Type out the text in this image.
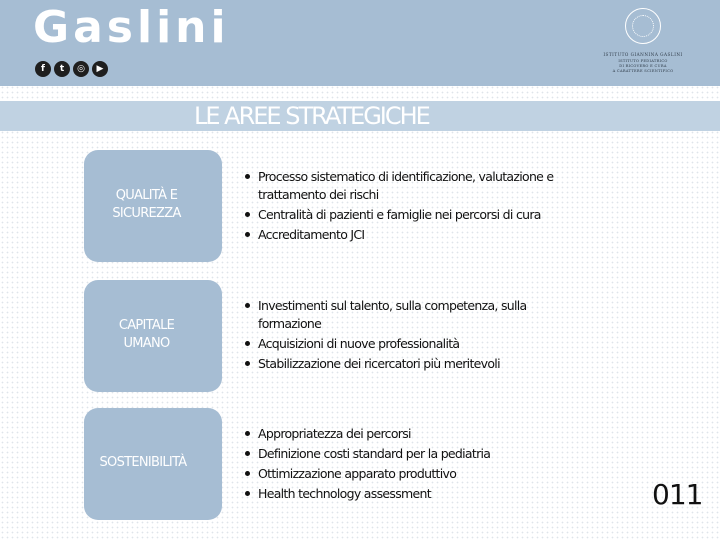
Gaslini
f	t	◎	▶
ISTITUTO GIANNINA GASLINI
ISTITUTO PEDIATRICO
DI RICOVERO E CURA
A CARATTERE SCIENTIFICO
LE AREE STRATEGICHE
QUALITÀ E
SICUREZZA
Processo sistematico di identificazione, valutazione e trattamento dei rischi
Centralità di pazienti e famiglie nei percorsi di cura
Accreditamento JCI
CAPITALE
UMANO
Investimenti sul talento, sulla competenza, sulla formazione
Acquisizioni di nuove professionalità
Stabilizzazione dei ricercatori più meritevoli
SOSTENIBILITÀ
Appropriatezza dei percorsi
Definizione costi standard per la pediatria
Ottimizzazione apparato produttivo
Health technology assessment	011
